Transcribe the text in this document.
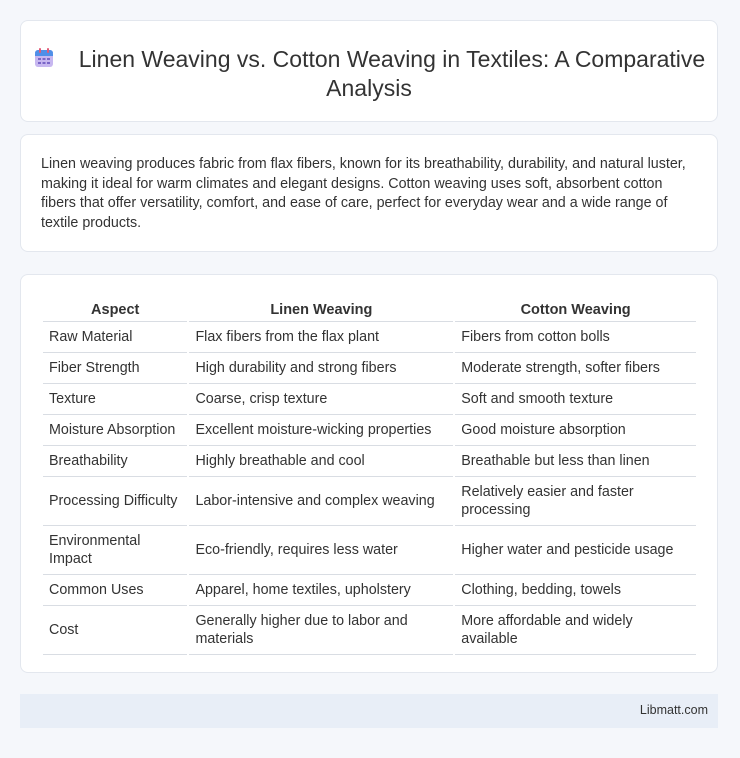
Linen Weaving vs. Cotton Weaving in Textiles: A Comparative Analysis

Linen weaving produces fabric from flax fibers, known for its breathability, durability, and natural luster, making it ideal for warm climates and elegant designs. Cotton weaving uses soft, absorbent cotton fibers that offer versatility, comfort, and ease of care, perfect for everyday wear and a wide range of textile products.

Aspect	Linen Weaving	Cotton Weaving
Raw Material	Flax fibers from the flax plant	Fibers from cotton bolls
Fiber Strength	High durability and strong fibers	Moderate strength, softer fibers
Texture	Coarse, crisp texture	Soft and smooth texture
Moisture Absorption	Excellent moisture-wicking properties	Good moisture absorption
Breathability	Highly breathable and cool	Breathable but less than linen
Processing Difficulty	Labor-intensive and complex weaving	Relatively easier and faster processing
Environmental Impact	Eco-friendly, requires less water	Higher water and pesticide usage
Common Uses	Apparel, home textiles, upholstery	Clothing, bedding, towels
Cost	Generally higher due to labor and materials	More affordable and widely available
Libmatt.com
